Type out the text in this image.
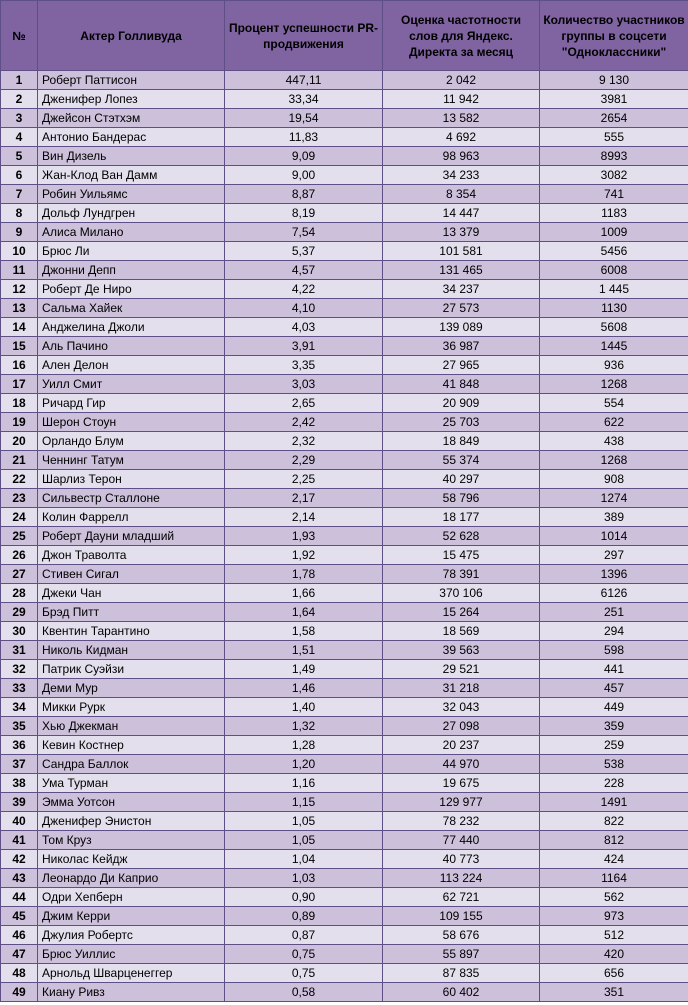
№	Актер Голливуда	Процент успешности PR-продвижения	Оценка частотности слов для Яндекс. Директа за месяц	Количество участников группы в соцсети "Одноклассники"
1	Роберт Паттисон	447,11	2 042	9 130
2	Дженифер Лопез	33,34	11 942	3981
3	Джейсон Стэтхэм	19,54	13 582	2654
4	Антонио Бандерас	11,83	4 692	555
5	Вин Дизель	9,09	98 963	8993
6	Жан-Клод Ван Дамм	9,00	34 233	3082
7	Робин Уильямс	8,87	8 354	741
8	Дольф Лундгрен	8,19	14 447	1183
9	Алиса Милано	7,54	13 379	1009
10	Брюс Ли	5,37	101 581	5456
11	Джонни Депп	4,57	131 465	6008
12	Роберт Де Ниро	4,22	34 237	1 445
13	Сальма Хайек	4,10	27 573	1130
14	Анджелина Джоли	4,03	139 089	5608
15	Аль Пачино	3,91	36 987	1445
16	Ален Делон	3,35	27 965	936
17	Уилл Смит	3,03	41 848	1268
18	Ричард Гир	2,65	20 909	554
19	Шерон Стоун	2,42	25 703	622
20	Орландо Блум	2,32	18 849	438
21	Ченнинг Татум	2,29	55 374	1268
22	Шарлиз Терон	2,25	40 297	908
23	Сильвестр Сталлоне	2,17	58 796	1274
24	Колин Фаррелл	2,14	18 177	389
25	Роберт Дауни младший	1,93	52 628	1014
26	Джон Траволта	1,92	15 475	297
27	Стивен Сигал	1,78	78 391	1396
28	Джеки Чан	1,66	370 106	6126
29	Брэд Питт	1,64	15 264	251
30	Квентин Тарантино	1,58	18 569	294
31	Николь Кидман	1,51	39 563	598
32	Патрик Суэйзи	1,49	29 521	441
33	Деми Мур	1,46	31 218	457
34	Микки Рурк	1,40	32 043	449
35	Хью Джекман	1,32	27 098	359
36	Кевин Костнер	1,28	20 237	259
37	Сандра Баллок	1,20	44 970	538
38	Ума Турман	1,16	19 675	228
39	Эмма Уотсон	1,15	129 977	1491
40	Дженифер Энистон	1,05	78 232	822
41	Том Круз	1,05	77 440	812
42	Николас Кейдж	1,04	40 773	424
43	Леонардо Ди Каприо	1,03	113 224	1164
44	Одри Хепберн	0,90	62 721	562
45	Джим Керри	0,89	109 155	973
46	Джулия Робертс	0,87	58 676	512
47	Брюс Уиллис	0,75	55 897	420
48	Арнольд Шварценеггер	0,75	87 835	656
49	Киану Ривз	0,58	60 402	351
